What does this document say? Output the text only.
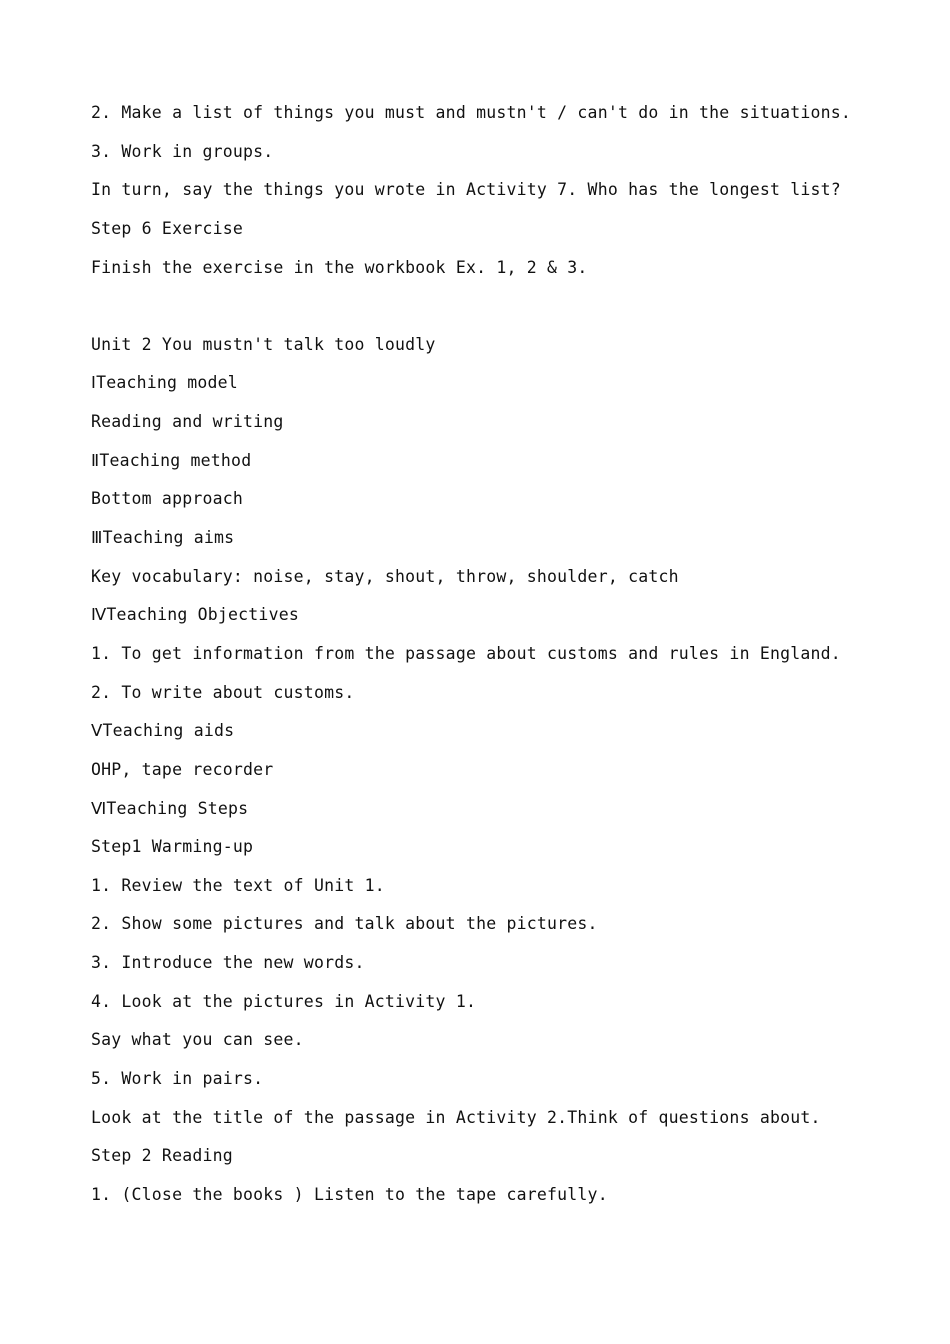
2. Make a list of things you must and mustn't / can't do in the situations.
3. Work in groups.
In turn, say the things you wrote in Activity 7. Who has the longest list?
Step 6 Exercise
Finish the exercise in the workbook Ex. 1, 2 & 3.
Unit 2 You mustn't talk too loudly
ⅠTeaching model
Reading and writing
ⅡTeaching method
Bottom approach
ⅢTeaching aims
Key vocabulary: noise, stay, shout, throw, shoulder, catch
ⅣTeaching Objectives
1. To get information from the passage about customs and rules in England.
2. To write about customs.
ⅤTeaching aids
OHP, tape recorder
ⅥTeaching Steps
Step1 Warming-up
1. Review the text of Unit 1.
2. Show some pictures and talk about the pictures.
3. Introduce the new words.
4. Look at the pictures in Activity 1.
Say what you can see.
5. Work in pairs.
Look at the title of the passage in Activity 2.Think of questions about.
Step 2 Reading
1. (Close the books ) Listen to the tape carefully.
